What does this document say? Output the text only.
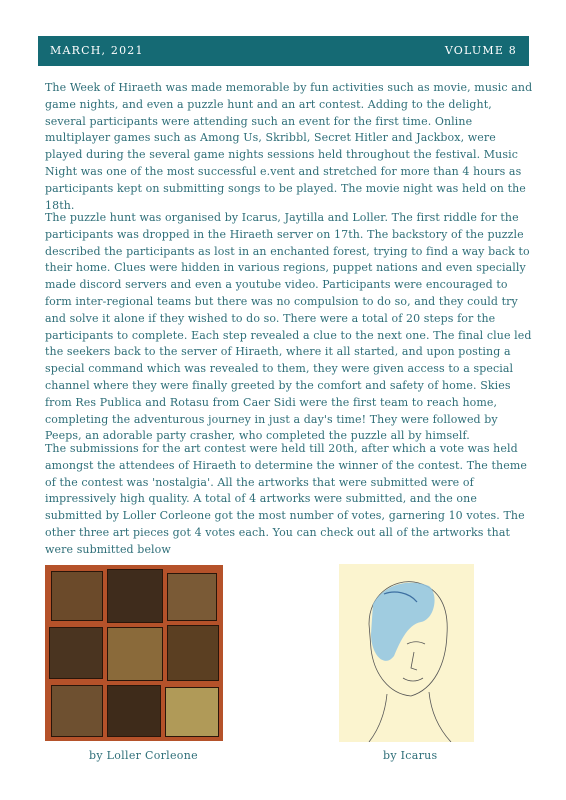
MARCH, 2021	VOLUME 8

The Week of Hiraeth was made memorable by fun activities such as movie, music and game nights, and even a puzzle hunt and an art contest. Adding to the delight, several participants were attending such an event for the first time. Online multiplayer games such as Among Us, Skribbl, Secret Hitler and Jackbox, were played during the several game nights sessions held throughout the festival. Music Night was one of the most successful e.vent and stretched for more than 4 hours as participants kept on submitting songs to be played. The movie night was held on the 18th.

The puzzle hunt was organised by Icarus, Jaytilla and Loller. The first riddle for the participants was dropped in the Hiraeth server on 17th. The backstory of the puzzle described the participants as lost in an enchanted forest, trying to find a way back to their home. Clues were hidden in various regions, puppet nations and even specially made discord servers and even a youtube video. Participants were encouraged to form inter-regional teams but there was no compulsion to do so, and they could try and solve it alone if they wished to do so. There were a total of 20 steps for the participants to complete. Each step revealed a clue to the next one. The final clue led the seekers back to the server of Hiraeth, where it all started, and upon posting a special command which was revealed to them, they were given access to a special channel where they were finally greeted by the comfort and safety of home. Skies from Res Publica and Rotasu from Caer Sidi were the first team to reach home, completing the adventurous journey in just a day's time! They were followed by Peeps, an adorable party crasher, who completed the puzzle all by himself.

The submissions for the art contest were held till 20th, after which a vote was held amongst the attendees of Hiraeth to determine the winner of the contest. The theme of the contest was 'nostalgia'. All the artworks that were submitted were of impressively high quality. A total of 4 artworks were submitted, and the one submitted by Loller Corleone got the most number of votes, garnering 10 votes. The other three art pieces got 4 votes each. You can check out all of the artworks that were submitted below

by Loller Corleone	by Icarus
